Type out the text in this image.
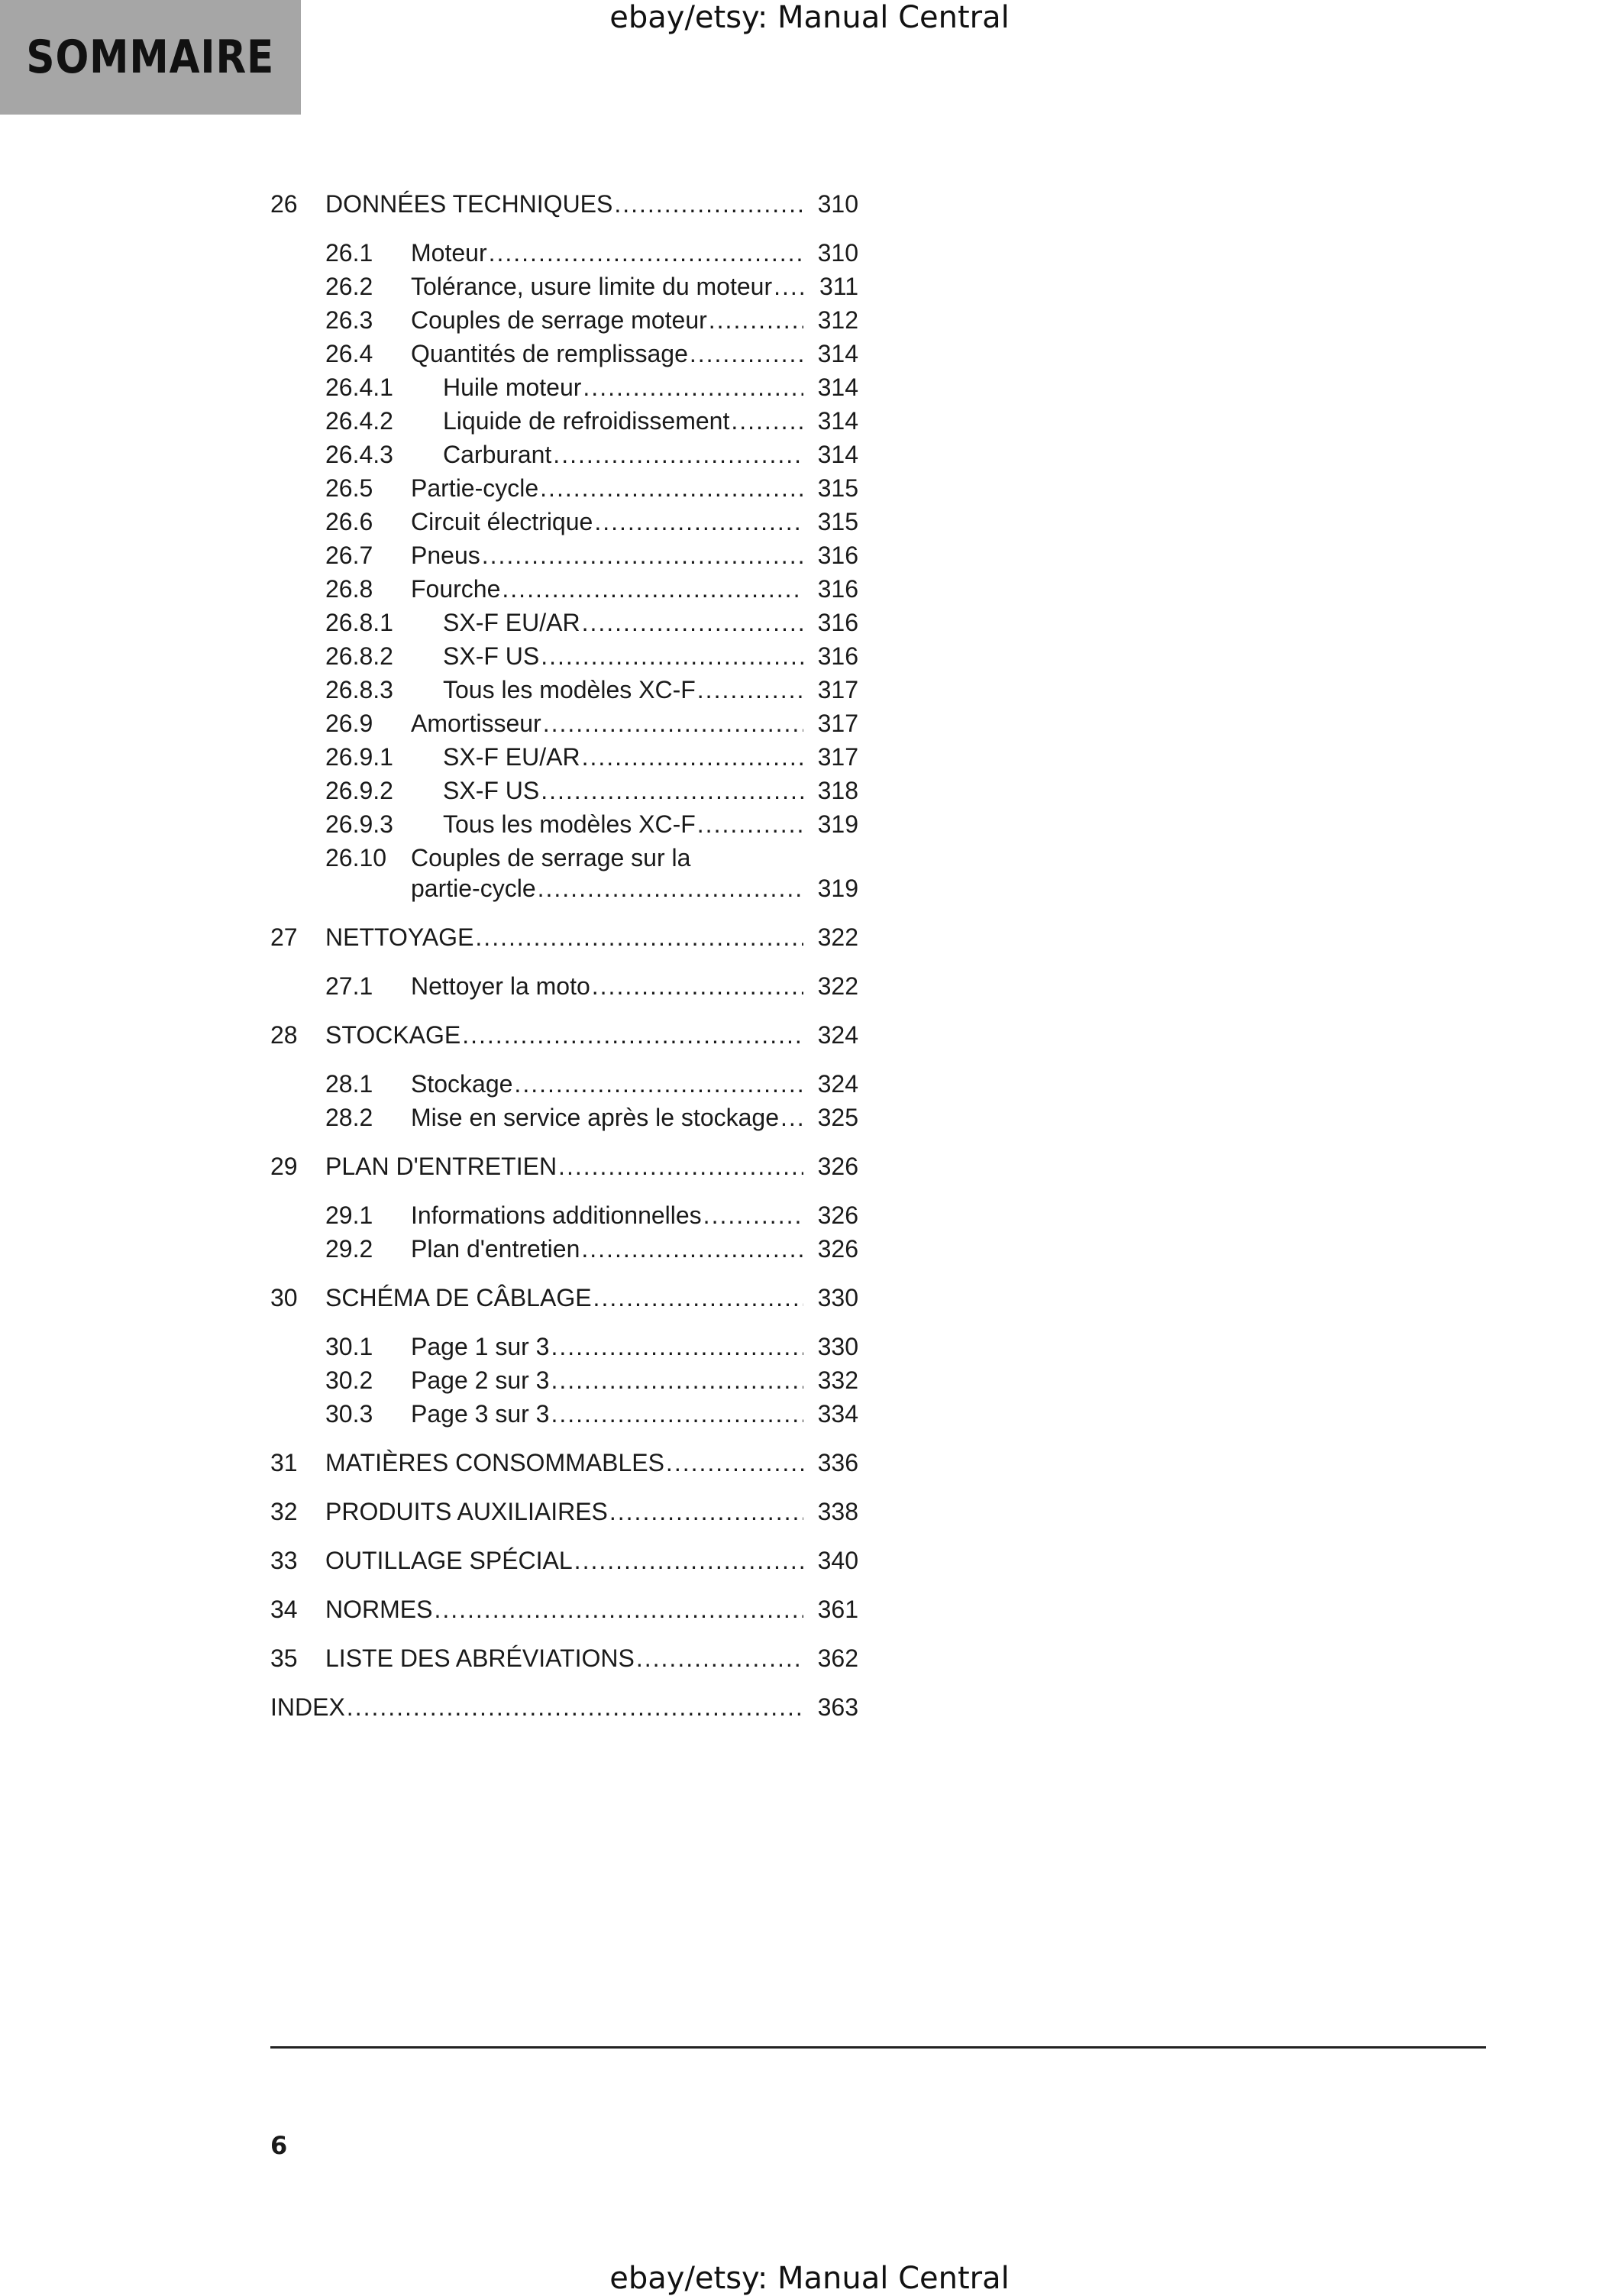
SOMMAIRE
ebay/etsy: Manual Central
26 DONNÉES TECHNIQUES .....	310
26.1 Moteur .....	310
26.2 Tolérance, usure limite du moteur ..... 311
26.3 Couples de serrage moteur .....	312
26.4 Quantités de remplissage .....	314
26.4.1 Huile moteur .....	314
26.4.2 Liquide de refroidissement .....	314
26.4.3 Carburant .....	314
26.5 Partie-cycle .....	315
26.6 Circuit électrique .....	315
26.7 Pneus .....	316
26.8 Fourche .....	316
26.8.1 SX-F EU/AR .....	316
26.8.2 SX-F US .....	316
26.8.3 Tous les modèles XC-F .....	317
26.9 Amortisseur .....	317
26.9.1 SX-F EU/AR .....	317
26.9.2 SX-F US .....	318
26.9.3 Tous les modèles XC-F .....	319
26.10 Couples de serrage sur la
partie-cycle .....	319
27 NETTOYAGE .....	322
27.1 Nettoyer la moto .....	322
28 STOCKAGE .....	324
28.1 Stockage .....	324
28.2 Mise en service après le stockage ..... 325
29 PLAN D'ENTRETIEN .....	326
29.1 Informations additionnelles .....	326
29.2 Plan d'entretien .....	326
30 SCHÉMA DE CÂBLAGE .....	330
30.1 Page 1 sur 3 .....	330
30.2 Page 2 sur 3 .....	332
30.3 Page 3 sur 3 .....	334
31 MATIÈRES CONSOMMABLES .....	336
32 PRODUITS AUXILIAIRES .....	338
33 OUTILLAGE SPÉCIAL .....	340
34 NORMES .....	361
35 LISTE DES ABRÉVIATIONS .....	362
INDEX .....	363
6
ebay/etsy: Manual Central
